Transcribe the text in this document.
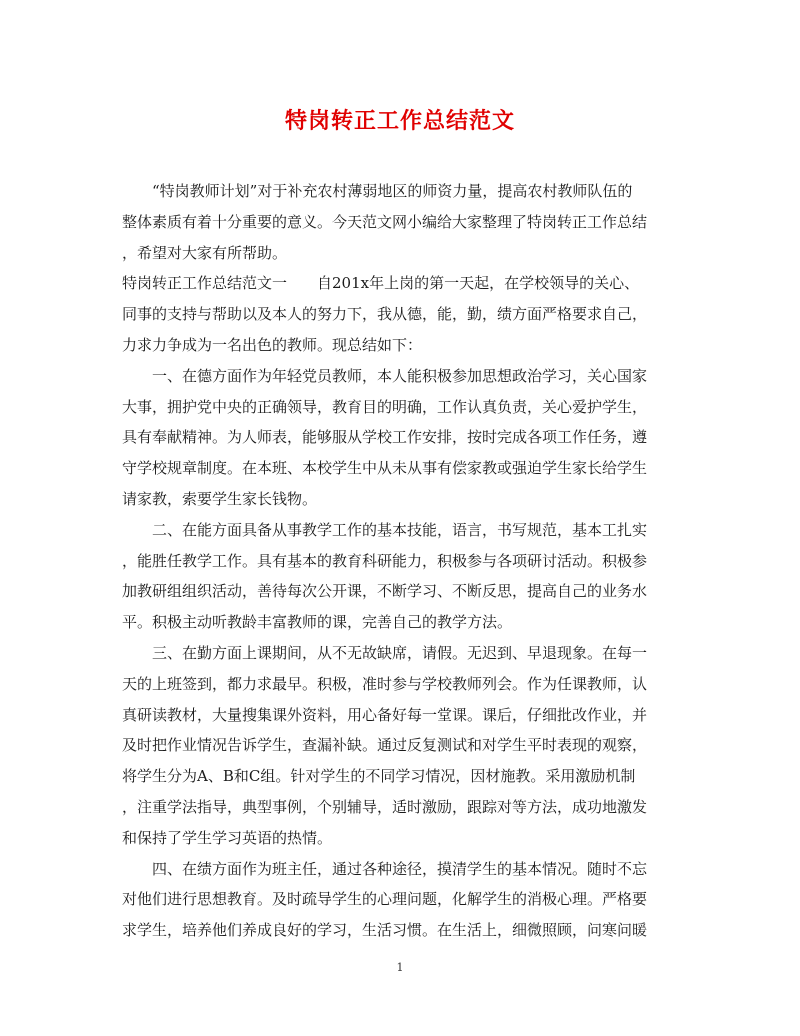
特岗转正工作总结范文
“特岗教师计划”对于补充农村薄弱地区的师资力量，提高农村教师队伍的
整体素质有着十分重要的意义。今天范文网小编给大家整理了特岗转正工作总结
，希望对大家有所帮助。
特岗转正工作总结范文一　　自201x年上岗的第一天起，在学校领导的关心、
同事的支持与帮助以及本人的努力下，我从德，能，勤，绩方面严格要求自己，
力求力争成为一名出色的教师。现总结如下：
一、在德方面作为年轻党员教师，本人能积极参加思想政治学习，关心国家
大事，拥护党中央的正确领导，教育目的明确，工作认真负责，关心爱护学生，
具有奉献精神。为人师表，能够服从学校工作安排，按时完成各项工作任务，遵
守学校规章制度。在本班、本校学生中从未从事有偿家教或强迫学生家长给学生
请家教，索要学生家长钱物。
二、在能方面具备从事教学工作的基本技能，语言，书写规范，基本工扎实
，能胜任教学工作。具有基本的教育科研能力，积极参与各项研讨活动。积极参
加教研组组织活动，善待每次公开课，不断学习、不断反思，提高自己的业务水
平。积极主动听教龄丰富教师的课，完善自己的教学方法。
三、在勤方面上课期间，从不无故缺席，请假。无迟到、早退现象。在每一
天的上班签到，都力求最早。积极，准时参与学校教师列会。作为任课教师，认
真研读教材，大量搜集课外资料，用心备好每一堂课。课后，仔细批改作业，并
及时把作业情况告诉学生，查漏补缺。通过反复测试和对学生平时表现的观察，
将学生分为A、B和C组。针对学生的不同学习情况，因材施教。采用激励机制
，注重学法指导，典型事例，个别辅导，适时激励，跟踪对等方法，成功地激发
和保持了学生学习英语的热情。
四、在绩方面作为班主任，通过各种途径，摸清学生的基本情况。随时不忘
对他们进行思想教育。及时疏导学生的心理问题，化解学生的消极心理。严格要
求学生，培养他们养成良好的学习，生活习惯。在生活上，细微照顾，问寒问暖
1
